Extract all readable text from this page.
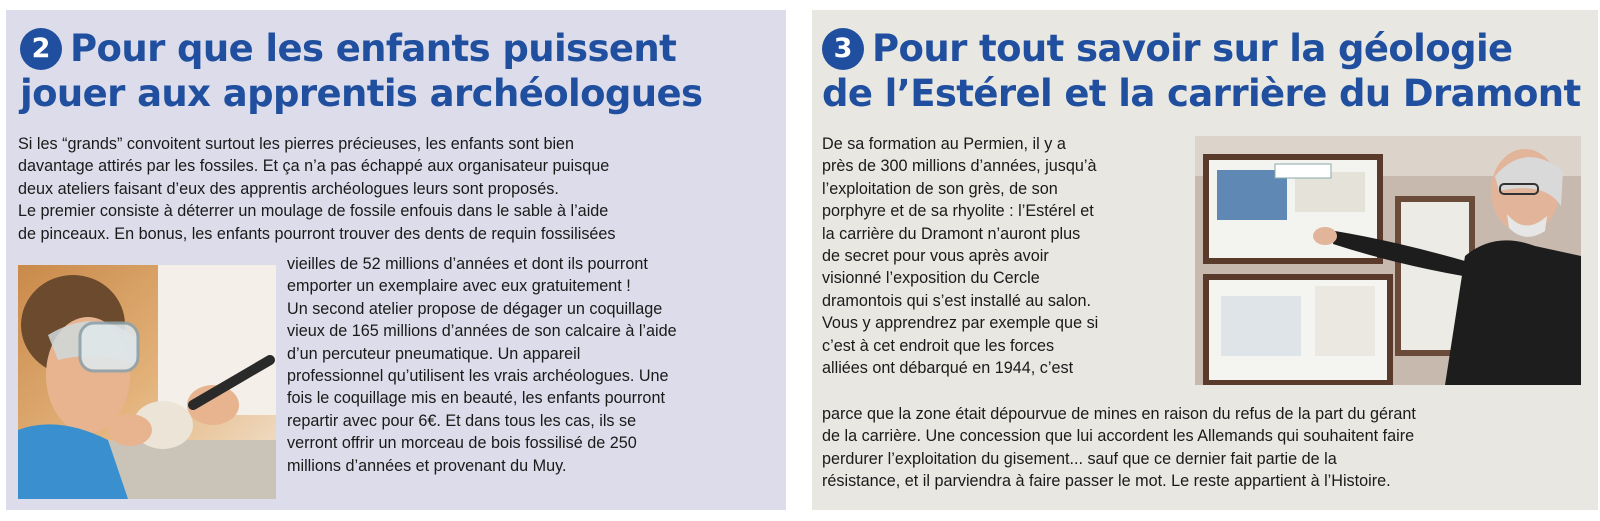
2 Pour que les enfants puissent
jouer aux apprentis archéologues

Si les “grands” convoitent surtout les pierres précieuses, les enfants sont bien

davantage attirés par les fossiles. Et ça n’a pas échappé aux organisateur puisque

deux ateliers faisant d’eux des apprentis archéologues leurs sont proposés.

Le premier consiste à déterrer un moulage de fossile enfouis dans le sable à l’aide

de pinceaux. En bonus, les enfants pourront trouver des dents de requin fossilisées

vieilles de 52 millions d’années et dont ils pourront

emporter un exemplaire avec eux gratuitement !

Un second atelier propose de dégager un coquillage

vieux de 165 millions d’années de son calcaire à l’aide

d’un percuteur pneumatique. Un appareil

professionnel qu’utilisent les vrais archéologues. Une

fois le coquillage mis en beauté, les enfants pourront

repartir avec pour 6€. Et dans tous les cas, ils se

verront offrir un morceau de bois fossilisé de 250

millions d’années et provenant du Muy.

3 Pour tout savoir sur la géologie
de l’Estérel et la carrière du Dramont

De sa formation au Permien, il y a

près de 300 millions d’années, jusqu’à

l’exploitation de son grès, de son

porphyre et de sa rhyolite : l’Estérel et

la carrière du Dramont n’auront plus

de secret pour vous après avoir

visionné l’exposition du Cercle

dramontois qui s’est installé au salon.

Vous y apprendrez par exemple que si

c’est à cet endroit que les forces

alliées ont débarqué en 1944, c’est

parce que la zone était dépourvue de mines en raison du refus de la part du gérant

de la carrière. Une concession que lui accordent les Allemands qui souhaitent faire

perdurer l’exploitation du gisement... sauf que ce dernier fait partie de la

résistance, et il parviendra à faire passer le mot. Le reste appartient à l’Histoire.
